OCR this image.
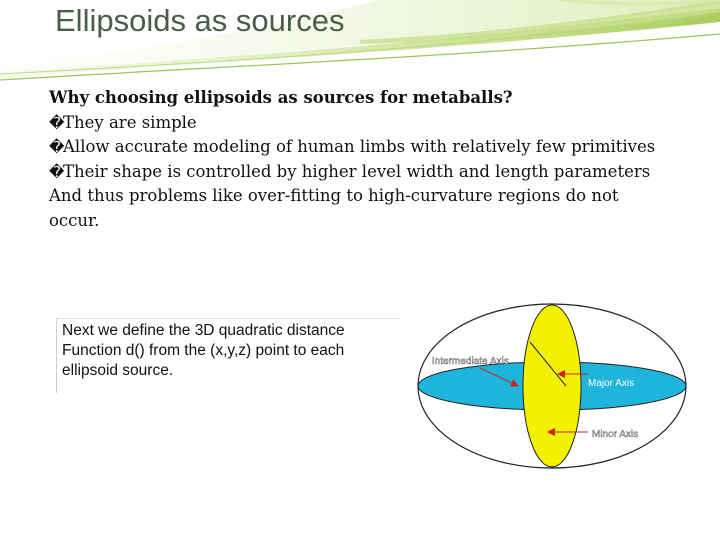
Ellipsoids as sources

Why choosing ellipsoids as sources for metaballs?

�They are simple

�Allow accurate modeling of human limbs with relatively few primitives

�Their shape is controlled by higher level width and length parameters

And thus problems like over-fitting to high-curvature regions do not

occur.

Next we define the 3D quadratic distance

Function d() from the (x,y,z) point to each

ellipsoid source.

Intermediate Axis
Major Axis
Minor Axis
